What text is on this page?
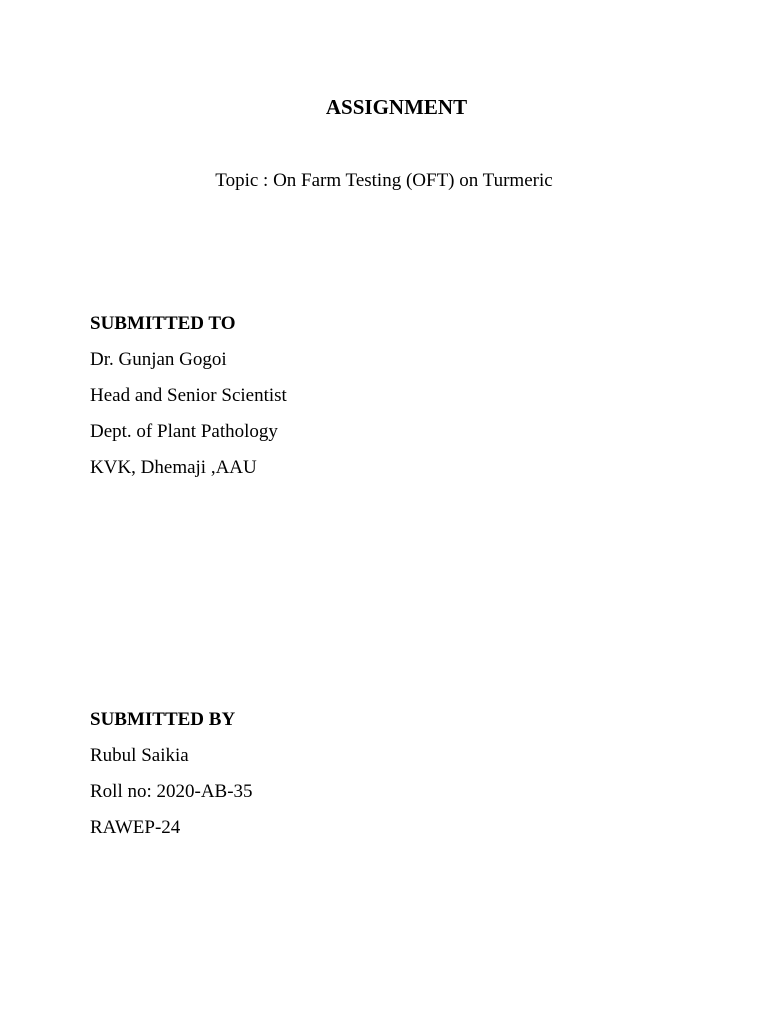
ASSIGNMENT
Topic : On Farm Testing (OFT) on Turmeric
SUBMITTED TO
Dr. Gunjan Gogoi
Head and Senior Scientist
Dept. of Plant Pathology
KVK, Dhemaji ,AAU
SUBMITTED BY
Rubul Saikia
Roll no: 2020-AB-35
RAWEP-24
